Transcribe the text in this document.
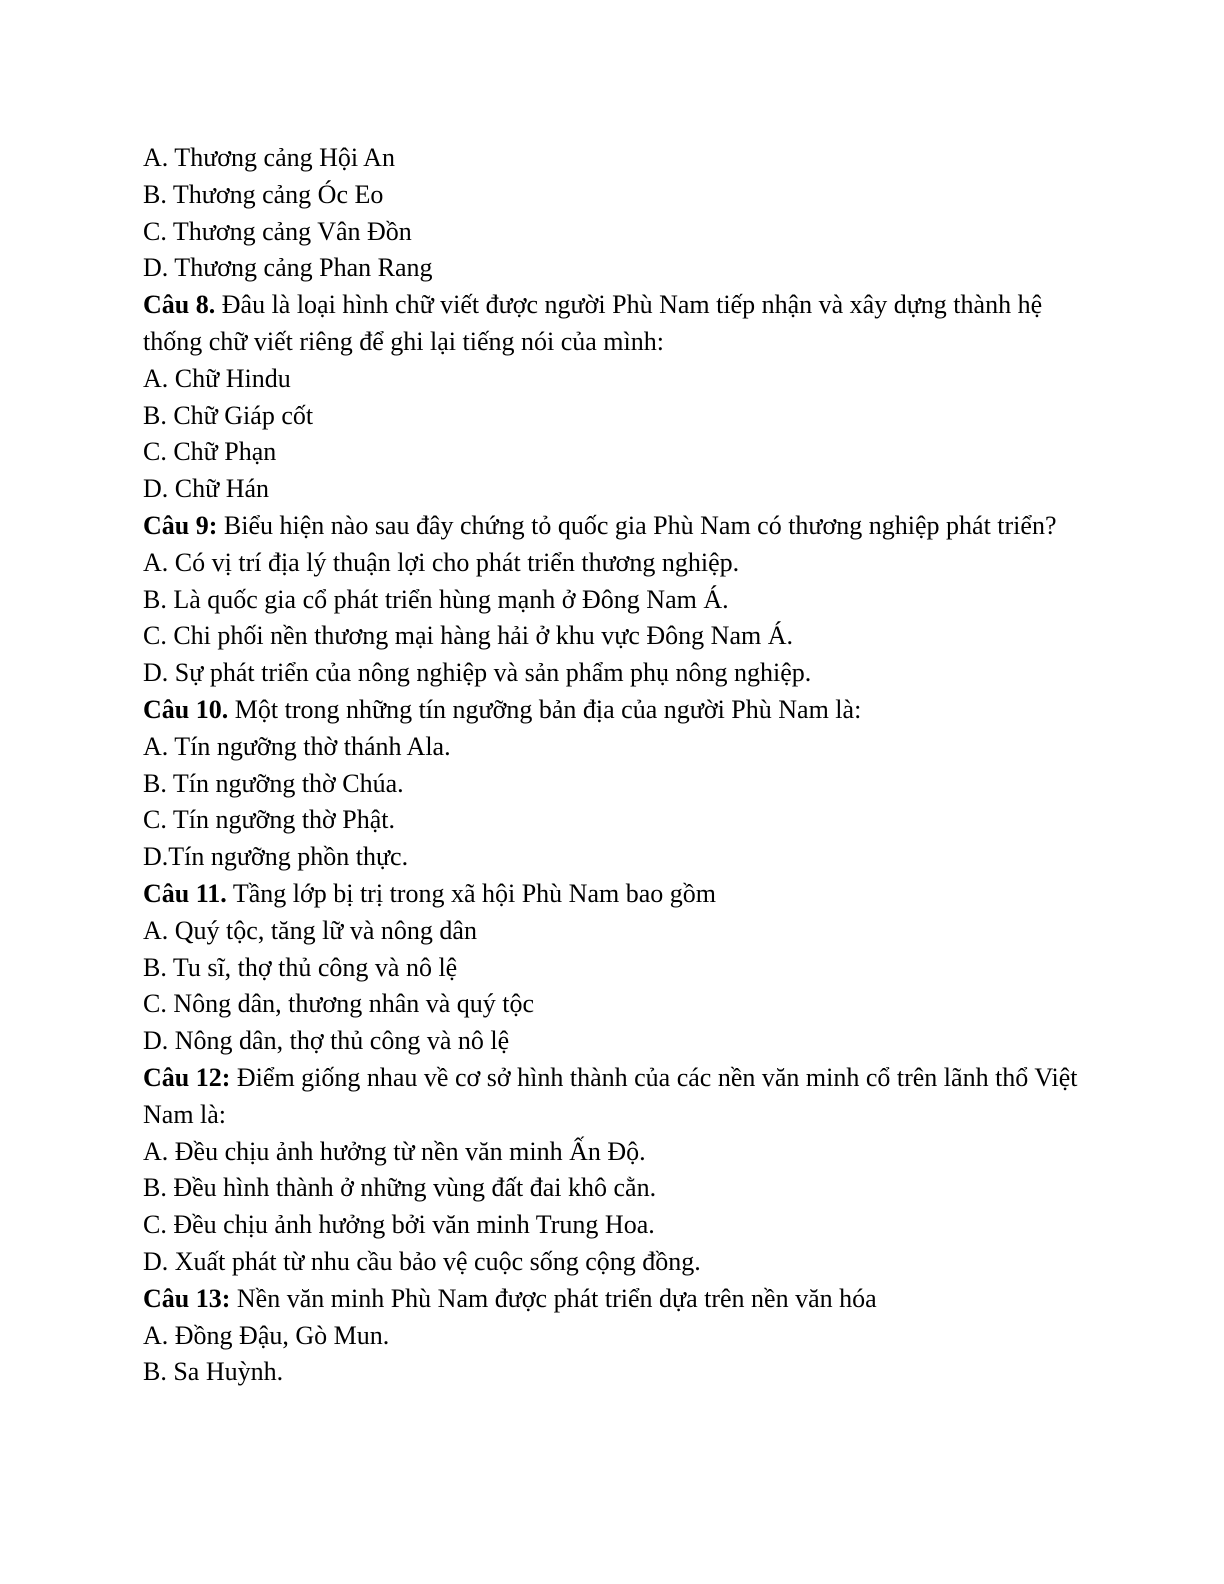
A. Thương cảng Hội An

B. Thương cảng Óc Eo

C. Thương cảng Vân Đồn

D. Thương cảng Phan Rang

Câu 8. Đâu là loại hình chữ viết được người Phù Nam tiếp nhận và xây dựng thành hệ thống chữ viết riêng để ghi lại tiếng nói của mình:

A. Chữ Hindu

B. Chữ Giáp cốt

C. Chữ Phạn

D. Chữ Hán

Câu 9: Biểu hiện nào sau đây chứng tỏ quốc gia Phù Nam có thương nghiệp phát triển?

A. Có vị trí địa lý thuận lợi cho phát triển thương nghiệp.

B. Là quốc gia cổ phát triển hùng mạnh ở Đông Nam Á.

C. Chi phối nền thương mại hàng hải ở khu vực Đông Nam Á.

D. Sự phát triển của nông nghiệp và sản phẩm phụ nông nghiệp.

Câu 10. Một trong những tín ngưỡng bản địa của người Phù Nam là:

A. Tín ngưỡng thờ thánh Ala.

B. Tín ngưỡng thờ Chúa.

C. Tín ngưỡng thờ Phật.

D.Tín ngưỡng phồn thực.

Câu 11. Tầng lớp bị trị trong xã hội Phù Nam bao gồm

A. Quý tộc, tăng lữ và nông dân

B. Tu sĩ, thợ thủ công và nô lệ

C. Nông dân, thương nhân và quý tộc

D. Nông dân, thợ thủ công và nô lệ

Câu 12: Điểm giống nhau về cơ sở hình thành của các nền văn minh cổ trên lãnh thổ Việt Nam là:

A. Đều chịu ảnh hưởng từ nền văn minh Ấn Độ.

B. Đều hình thành ở những vùng đất đai khô cằn.

C. Đều chịu ảnh hưởng bởi văn minh Trung Hoa.

D. Xuất phát từ nhu cầu bảo vệ cuộc sống cộng đồng.

Câu 13: Nền văn minh Phù Nam được phát triển dựa trên nền văn hóa

A. Đồng Đậu, Gò Mun.

B. Sa Huỳnh.
